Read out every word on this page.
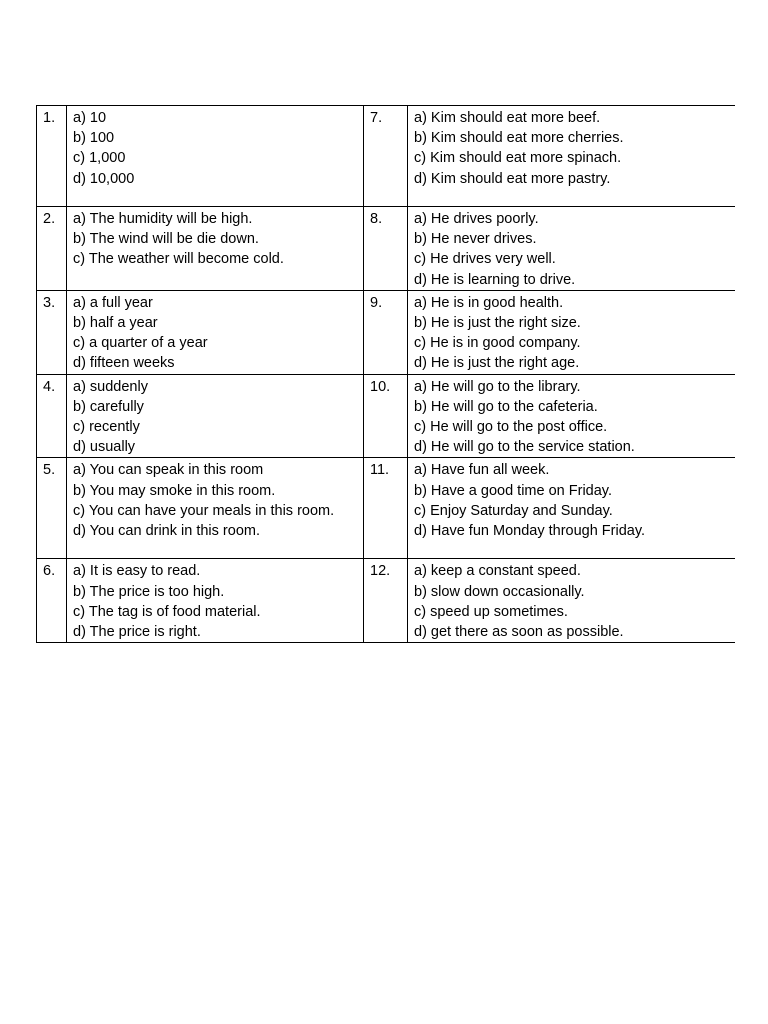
1.	a) 10
b) 100
c) 1,000
d) 10,000	7.	a) Kim should eat more beef.
b) Kim should eat more cherries.
c) Kim should eat more spinach.
d) Kim should eat more pastry.

2.	a) The humidity will be high.
b) The wind will be die down.
c) The weather will become cold.	8.	a) He drives poorly.
b) He never drives.
c) He drives very well.
d) He is learning to drive.

3.	a) a full year
b) half a year
c) a quarter of a year
d) fifteen weeks	9.	a) He is in good health.
b) He is just the right size.
c) He is in good company.
d) He is just the right age.

4.	a) suddenly
b) carefully
c) recently
d) usually	10.	a) He will go to the library.
b) He will go to the cafeteria.
c) He will go to the post office.
d) He will go to the service station.

5.	a) You can speak in this room
b) You may smoke in this room.
c) You can have your meals in this room.
d) You can drink in this room.	11.	a) Have fun all week.
b) Have a good time on Friday.
c) Enjoy Saturday and Sunday.
d) Have fun Monday through Friday.

6.	a) It is easy to read.
b) The price is too high.
c) The tag is of food material.
d) The price is right.	12.	a) keep a constant speed.
b) slow down occasionally.
c) speed up sometimes.
d) get there as soon as possible.
